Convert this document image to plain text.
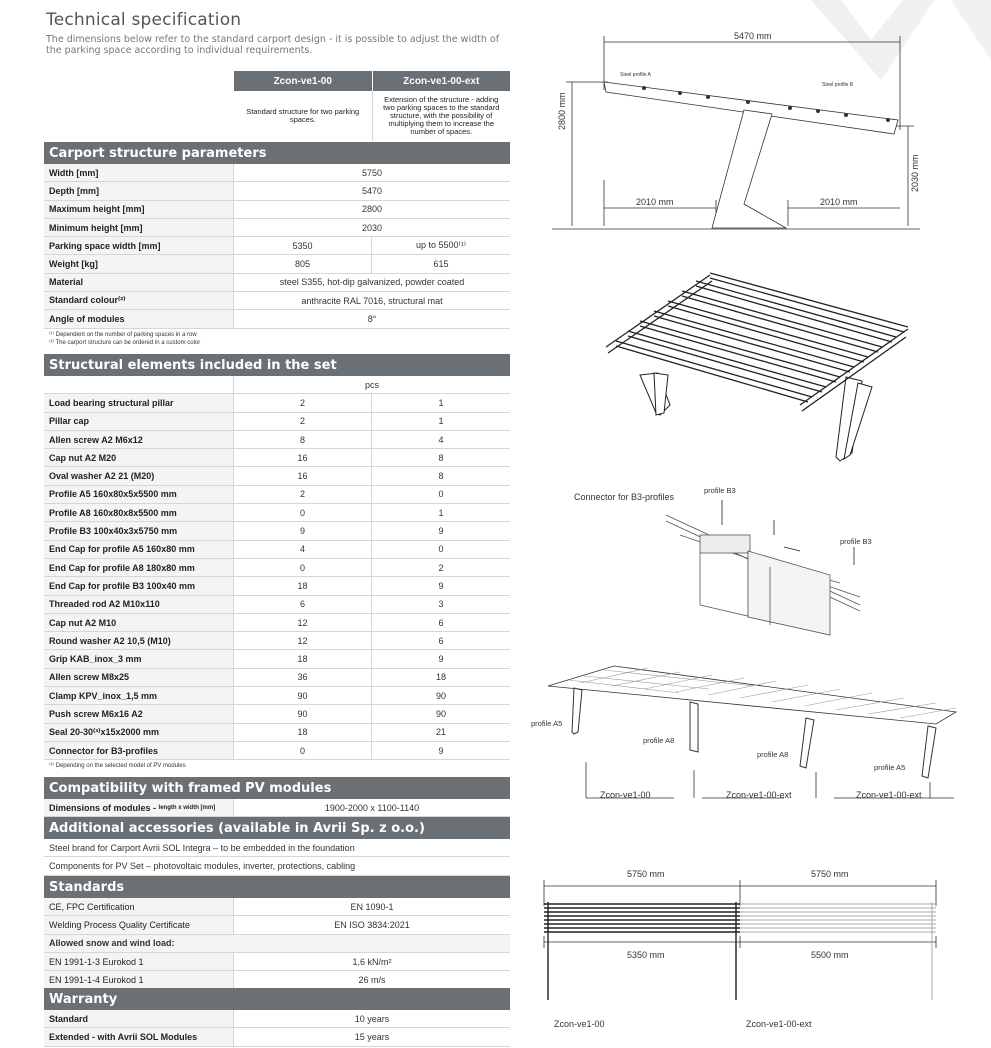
Technical specification

The dimensions below refer to the standard carport design - it is possible to adjust the width of the parking space according to individual requirements.

Zcon-ve1-00	Zcon-ve1-00-ext
Standard structure for two parking spaces.
Extension of the structure - adding two parking spaces to the standard structure, with the possibility of multiplying them to increase the number of spaces.
Carport structure parameters
Width [mm]	5750
Depth [mm]	5470
Maximum height [mm]	2800
Minimum height [mm]	2030
Parking space width [mm]	5350	up to 5500⁽¹⁾
Weight [kg]	805	615
Material	steel S355, hot-dip galvanized, powder coated
Standard colour⁽²⁾	anthracite RAL 7016, structural mat
Angle of modules	8°
⁽¹⁾ Dependent on the number of parking spaces in a row
⁽²⁾ The carport structure can be ordered in a custom color
Structural elements included in the set
pcs
Load bearing structural pillar	2	1
Pillar cap	2	1
Allen screw A2 M6x12	8	4
Cap nut A2 M20	16	8
Oval washer A2 21 (M20)	16	8
Profile A5 160x80x5x5500 mm	2	0
Profile A8 160x80x8x5500 mm	0	1
Profile B3 100x40x3x5750 mm	9	9
End Cap for profile A5 160x80 mm	4	0
End Cap for profile A8 180x80 mm	0	2
End Cap for profile B3 100x40 mm	18	9
Threaded rod A2 M10x110	6	3
Cap nut A2 M10	12	6
Round washer A2 10,5 (M10)	12	6
Grip KAB_inox_3 mm	18	9
Allen screw M8x25	36	18
Clamp KPV_inox_1,5 mm	90	90
Push screw M6x16 A2	90	90
Seal 20-30⁽³⁾x15x2000 mm	18	21
Connector for B3-profiles	0	9
⁽³⁾ Depending on the selected model of PV modules
Compatibility with framed PV modules
Dimensions of modules -
length x width [mm]	1900-2000 x 1100-1140
Additional accessories (available in Avrii Sp. z o.o.)
Steel brand for Carport Avrii SOL Integra – to be embedded in the foundation
Components for PV Set – photovoltaic modules, inverter, protections, cabling
Standards
CE, FPC Certification	EN 1090-1
Welding Process Quality Certificate	EN ISO 3834:2021
Allowed snow and wind load:
EN 1991-1-3 Eurokod 1	1,6 kN/m²
EN 1991-1-4 Eurokod 1	26 m/s
Warranty
Standard	10 years
Extended - with Avrii SOL Modules	15 years
5470 mm
2800 mm
2030 mm
2010 mm	2010 mm
Steel profile A
Steel profile B
Connector for B3-profiles
profile B3
profile B3
profile A5
profile A8
profile A8
profile A5
Zcon-ve1-00	Zcon-ve1-00-ext	Zcon-ve1-00-ext
5750 mm	5750 mm
5350 mm	5500 mm
Zcon-ve1-00	Zcon-ve1-00-ext
